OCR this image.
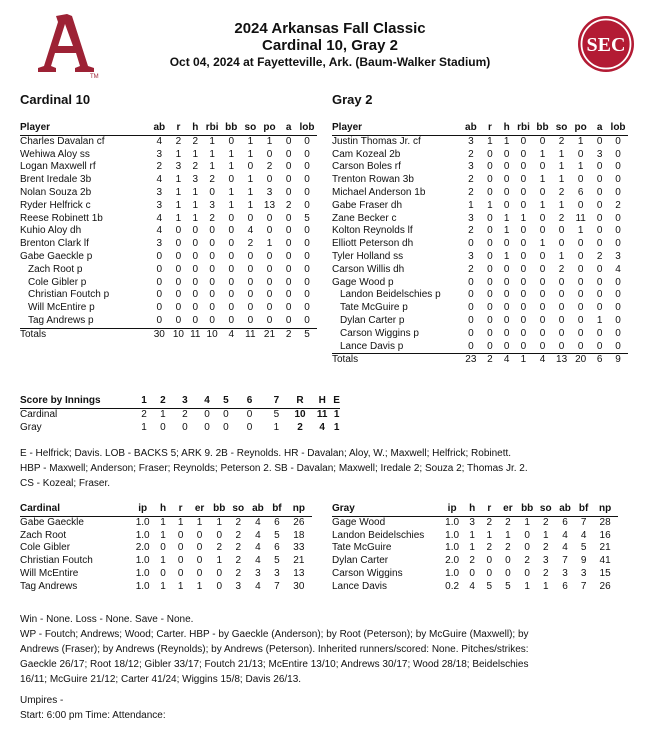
TM
SEC
2024 Arkansas Fall Classic
Cardinal 10, Gray 2
Oct 04, 2024 at Fayetteville, Ark. (Baum-Walker Stadium)
Cardinal 10	Gray 2
Player	ab	r	h	rbi	bb	so	po	a	lob
Charles Davalan cf	4	2	2	1	0	1	1	0	0
Wehiwa Aloy ss	3	1	1	1	1	1	0	0	0
Logan Maxwell rf	2	3	2	1	1	0	2	0	0
Brent Iredale 3b	4	1	3	2	0	1	0	0	0
Nolan Souza 2b	3	1	1	0	1	1	3	0	0
Ryder Helfrick c	3	1	1	3	1	1	13	2	0
Reese Robinett 1b	4	1	1	2	0	0	0	0	5
Kuhio Aloy dh	4	0	0	0	0	4	0	0	0
Brenton Clark lf	3	0	0	0	0	2	1	0	0
Gabe Gaeckle p	0	0	0	0	0	0	0	0	0
Zach Root p	0	0	0	0	0	0	0	0	0
Cole Gibler p	0	0	0	0	0	0	0	0	0
Christian Foutch p	0	0	0	0	0	0	0	0	0
Will McEntire p	0	0	0	0	0	0	0	0	0
Tag Andrews p	0	0	0	0	0	0	0	0	0
Totals	30	10	11	10	4	11	21	2	5
Player	ab	r	h	rbi	bb	so	po	a	lob
Justin Thomas Jr. cf	3	1	1	0	0	2	1	0	0
Cam Kozeal 2b	2	0	0	0	1	1	0	3	0
Carson Boles rf	3	0	0	0	0	1	1	0	0
Trenton Rowan 3b	2	0	0	0	1	1	0	0	0
Michael Anderson 1b	2	0	0	0	0	2	6	0	0
Gabe Fraser dh	1	1	0	0	1	1	0	0	2
Zane Becker c	3	0	1	1	0	2	11	0	0
Kolton Reynolds lf	2	0	1	0	0	0	1	0	0
Elliott Peterson dh	0	0	0	0	1	0	0	0	0
Tyler Holland ss	3	0	1	0	0	1	0	2	3
Carson Willis dh	2	0	0	0	0	2	0	0	4
Gage Wood p	0	0	0	0	0	0	0	0	0
Landon Beidelschies p	0	0	0	0	0	0	0	0	0
Tate McGuire p	0	0	0	0	0	0	0	0	0
Dylan Carter p	0	0	0	0	0	0	0	1	0
Carson Wiggins p	0	0	0	0	0	0	0	0	0
Lance Davis p	0	0	0	0	0	0	0	0	0
Totals	23	2	4	1	4	13	20	6	9
Score by Innings	1	2	3	4	5	6	7	R	H	E
Cardinal	2	1	2	0	0	0	5	10	11	1
Gray	1	0	0	0	0	0	1	2	4	1
E - Helfrick; Davis. LOB - BACKS 5; ARK 9. 2B - Reynolds. HR - Davalan; Aloy, W.; Maxwell; Helfrick; Robinett.
HBP - Maxwell; Anderson; Fraser; Reynolds; Peterson 2. SB - Davalan; Maxwell; Iredale 2; Souza 2; Thomas Jr. 2.
CS - Kozeal; Fraser.
Cardinal	ip	h	r	er	bb	so	ab	bf	np
Gabe Gaeckle	1.0	1	1	1	1	2	4	6	26
Zach Root	1.0	1	0	0	0	2	4	5	18
Cole Gibler	2.0	0	0	0	2	2	4	6	33
Christian Foutch	1.0	1	0	0	1	2	4	5	21
Will McEntire	1.0	0	0	0	0	2	3	3	13
Tag Andrews	1.0	1	1	1	0	3	4	7	30
Gray	ip	h	r	er	bb	so	ab	bf	np
Gage Wood	1.0	3	2	2	1	2	6	7	28
Landon Beidelschies	1.0	1	1	1	0	1	4	4	16
Tate McGuire	1.0	1	2	2	0	2	4	5	21
Dylan Carter	2.0	2	0	0	2	3	7	9	41
Carson Wiggins	1.0	0	0	0	0	2	3	3	15
Lance Davis	0.2	4	5	5	1	1	6	7	26
Win - None. Loss - None. Save - None.
WP - Foutch; Andrews; Wood; Carter. HBP - by Gaeckle (Anderson); by Root (Peterson); by McGuire (Maxwell); by
Andrews (Fraser); by Andrews (Reynolds); by Andrews (Peterson). Inherited runners/scored: None. Pitches/strikes:
Gaeckle 26/17; Root 18/12; Gibler 33/17; Foutch 21/13; McEntire 13/10; Andrews 30/17; Wood 28/18; Beidelschies
16/11; McGuire 21/12; Carter 41/24; Wiggins 15/8; Davis 26/13.
Umpires -
Start: 6:00 pm Time: Attendance:
